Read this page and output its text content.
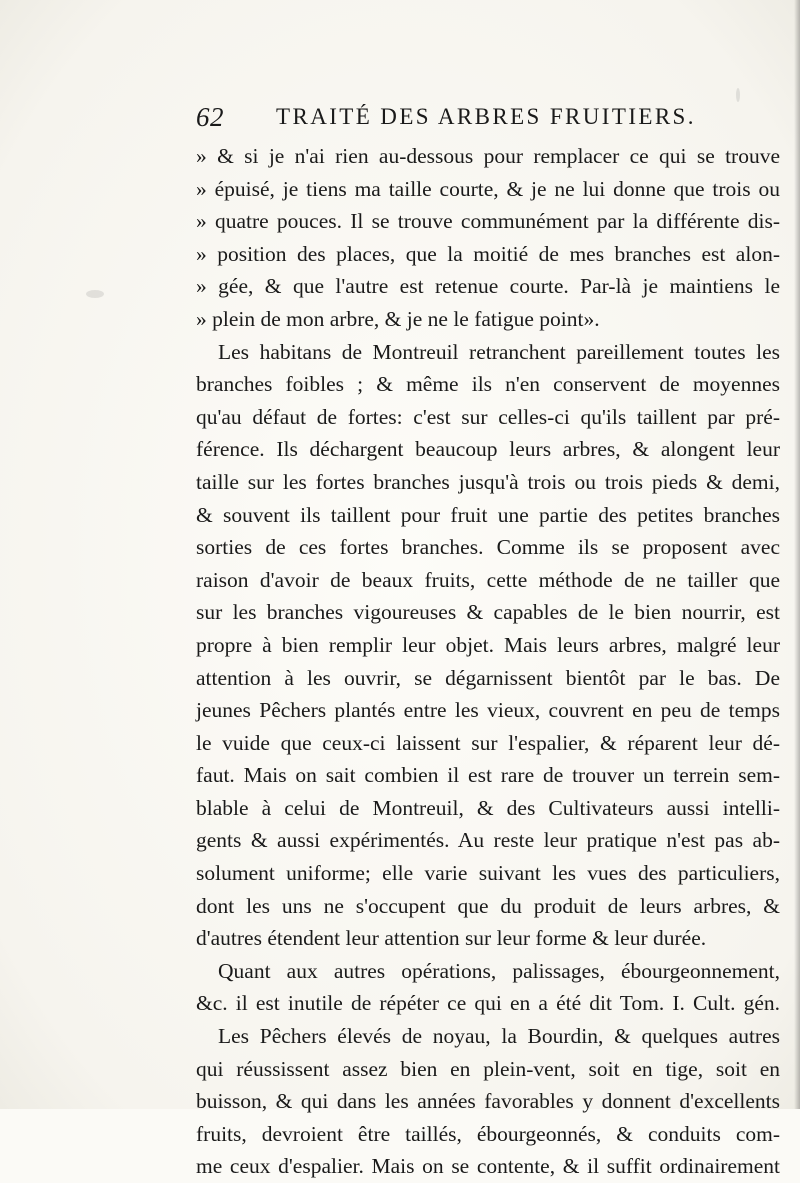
62 TRAITÉ DES ARBRES FRUITIERS.
» & si je n'ai rien au-dessous pour remplacer ce qui se trouve
» épuisé, je tiens ma taille courte, & je ne lui donne que trois ou
» quatre pouces. Il se trouve communément par la différente dis-
» position des places, que la moitié de mes branches est alon-
» gée, & que l'autre est retenue courte. Par-là je maintiens le
» plein de mon arbre, & je ne le fatigue point».
Les habitans de Montreuil retranchent pareillement toutes les
branches foibles ; & même ils n'en conservent de moyennes
qu'au défaut de fortes: c'est sur celles-ci qu'ils taillent par pré-
férence. Ils déchargent beaucoup leurs arbres, & alongent leur
taille sur les fortes branches jusqu'à trois ou trois pieds & demi,
& souvent ils taillent pour fruit une partie des petites branches
sorties de ces fortes branches. Comme ils se proposent avec
raison d'avoir de beaux fruits, cette méthode de ne tailler que
sur les branches vigoureuses & capables de le bien nourrir, est
propre à bien remplir leur objet. Mais leurs arbres, malgré leur
attention à les ouvrir, se dégarnissent bientôt par le bas. De
jeunes Pêchers plantés entre les vieux, couvrent en peu de temps
le vuide que ceux-ci laissent sur l'espalier, & réparent leur dé-
faut. Mais on sait combien il est rare de trouver un terrein sem-
blable à celui de Montreuil, & des Cultivateurs aussi intelli-
gents & aussi expérimentés. Au reste leur pratique n'est pas ab-
solument uniforme; elle varie suivant les vues des particuliers,
dont les uns ne s'occupent que du produit de leurs arbres, &
d'autres étendent leur attention sur leur forme & leur durée.
Quant aux autres opérations, palissages, ébourgeonnement,
&c. il est inutile de répéter ce qui en a été dit Tom. I. Cult. gén.
Les Pêchers élevés de noyau, la Bourdin, & quelques autres
qui réussissent assez bien en plein-vent, soit en tige, soit en
buisson, & qui dans les années favorables y donnent d'excellents
fruits, devroient être taillés, ébourgeonnés, & conduits com-
me ceux d'espalier. Mais on se contente, & il suffit ordinairement
